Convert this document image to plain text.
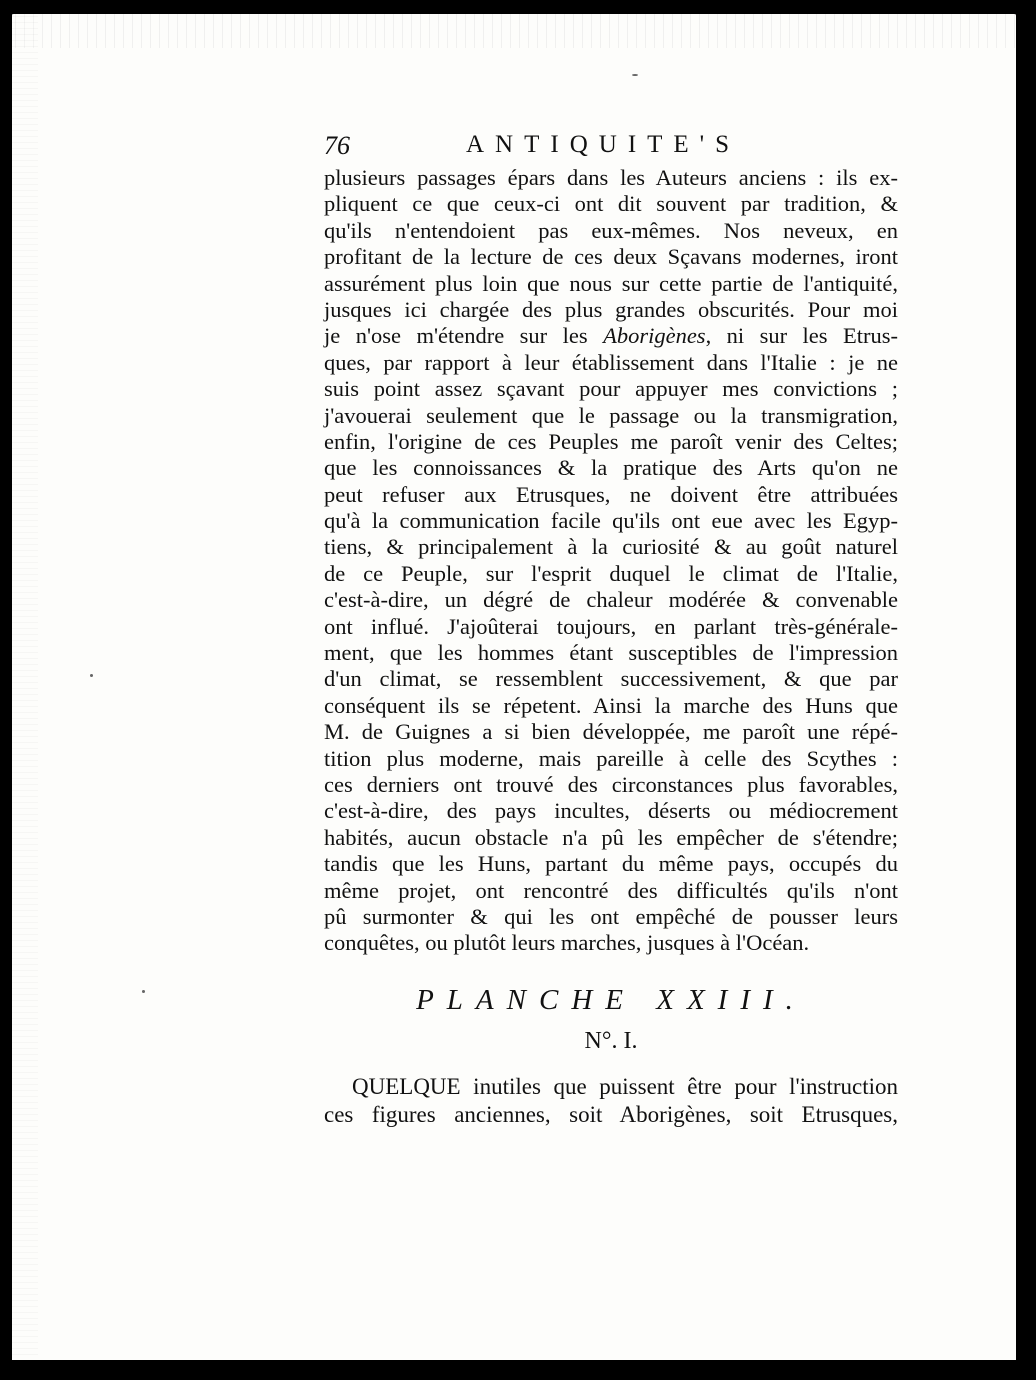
76	ANTIQUITE'S
plusieurs passages épars dans les Auteurs anciens : ils ex-
pliquent ce que ceux-ci ont dit souvent par tradition, &
qu'ils n'entendoient pas eux-mêmes. Nos neveux, en
profitant de la lecture de ces deux Sçavans modernes, iront
assurément plus loin que nous sur cette partie de l'antiquité,
jusques ici chargée des plus grandes obscurités. Pour moi
je n'ose m'étendre sur les Aborigènes, ni sur les Etrus-
ques, par rapport à leur établissement dans l'Italie : je ne
suis point assez sçavant pour appuyer mes convictions ;
j'avouerai seulement que le passage ou la transmigration,
enfin, l'origine de ces Peuples me paroît venir des Celtes;
que les connoissances & la pratique des Arts qu'on ne
peut refuser aux Etrusques, ne doivent être attribuées
qu'à la communication facile qu'ils ont eue avec les Egyp-
tiens, & principalement à la curiosité & au goût naturel
de ce Peuple, sur l'esprit duquel le climat de l'Italie,
c'est-à-dire, un dégré de chaleur modérée & convenable
ont influé. J'ajoûterai toujours, en parlant très-générale-
ment, que les hommes étant susceptibles de l'impression
d'un climat, se ressemblent successivement, & que par
conséquent ils se répetent. Ainsi la marche des Huns que
M. de Guignes a si bien développée, me paroît une répé-
tition plus moderne, mais pareille à celle des Scythes :
ces derniers ont trouvé des circonstances plus favorables,
c'est-à-dire, des pays incultes, déserts ou médiocrement
habités, aucun obstacle n'a pû les empêcher de s'étendre;
tandis que les Huns, partant du même pays, occupés du
même projet, ont rencontré des difficultés qu'ils n'ont
pû surmonter & qui les ont empêché de pousser leurs
conquêtes, ou plutôt leurs marches, jusques à l'Océan.
PLANCHE XXIII.
N°. I.
QUELQUE inutiles que puissent être pour l'instruction
ces figures anciennes, soit Aborigènes, soit Etrusques,
